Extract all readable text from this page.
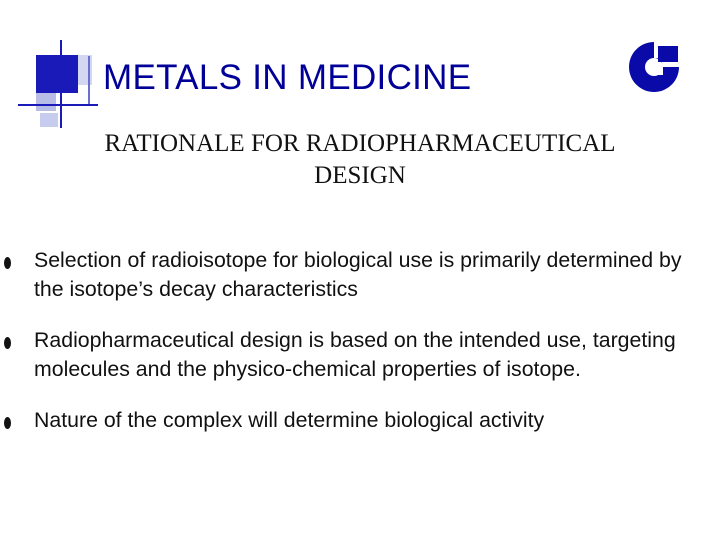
METALS IN MEDICINE
RATIONALE FOR RADIOPHARMACEUTICAL
DESIGN
Selection of radioisotope for biological use is primarily determined by the isotope’s decay characteristics
Radiopharmaceutical design is based on the intended use, targeting molecules and the physico-chemical properties of isotope.
Nature of the complex will determine biological activity
